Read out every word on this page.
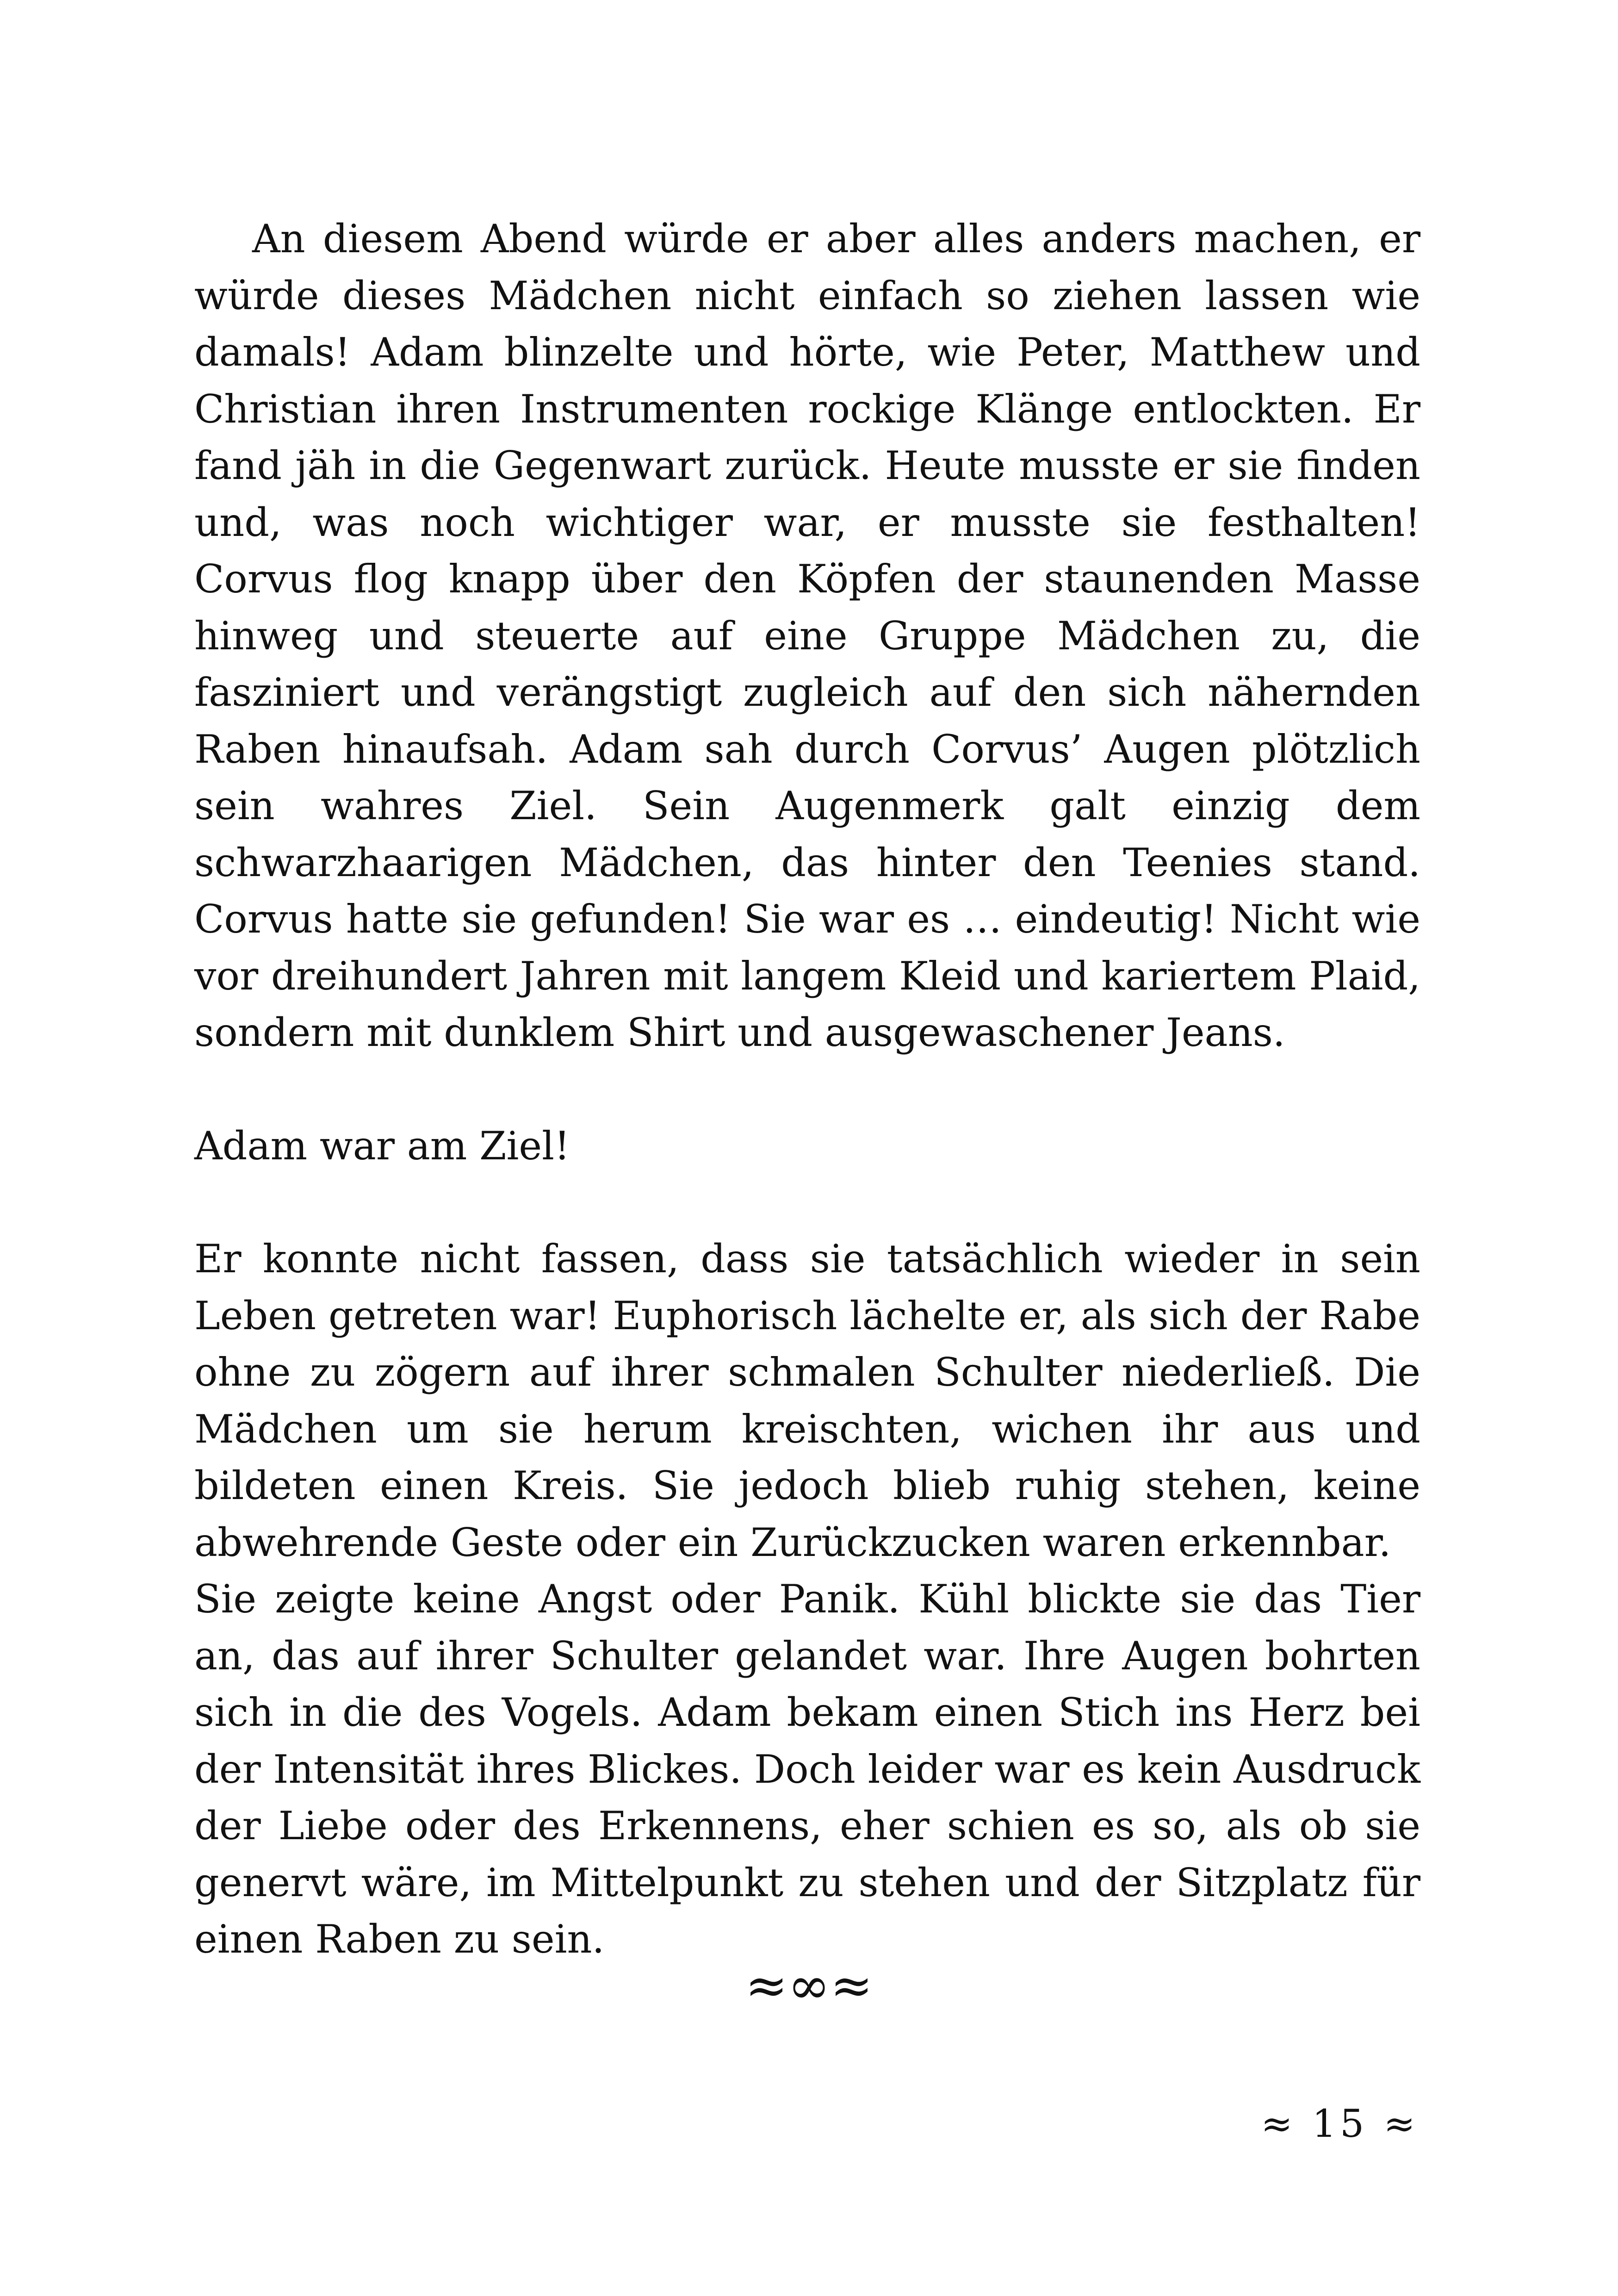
An diesem Abend würde er aber alles anders machen, er würde dieses Mädchen nicht einfach so ziehen lassen wie damals! Adam blinzelte und hörte, wie Peter, Matthew und Christian ihren Instrumenten rockige Klänge entlockten. Er fand jäh in die Gegenwart zurück. Heute musste er sie finden und, was noch wichtiger war, er musste sie festhalten! Corvus flog knapp über den Köpfen der staunenden Masse hinweg und steuerte auf eine Gruppe Mädchen zu, die fasziniert und verängstigt zugleich auf den sich nähernden Raben hinaufsah. Adam sah durch Corvus’ Augen plötzlich sein wahres Ziel. Sein Augenmerk galt einzig dem schwarzhaarigen Mädchen, das hinter den Teenies stand. Corvus hatte sie gefunden! Sie war es … eindeutig! Nicht wie vor dreihundert Jahren mit langem Kleid und kariertem Plaid, sondern mit dunklem Shirt und ausgewaschener Jeans.

Adam war am Ziel!

Er konnte nicht fassen, dass sie tatsächlich wieder in sein Leben getreten war! Euphorisch lächelte er, als sich der Rabe ohne zu zögern auf ihrer schmalen Schulter niederließ. Die Mädchen um sie herum kreischten, wichen ihr aus und bildeten einen Kreis. Sie jedoch blieb ruhig stehen, keine abwehrende Geste oder ein Zurückzucken waren erkennbar.

Sie zeigte keine Angst oder Panik. Kühl blickte sie das Tier an, das auf ihrer Schulter gelandet war. Ihre Augen bohrten sich in die des Vogels. Adam bekam einen Stich ins Herz bei der Intensität ihres Blickes. Doch leider war es kein Ausdruck der Liebe oder des Erkennens, eher schien es so, als ob sie genervt wäre, im Mittelpunkt zu stehen und der Sitzplatz für einen Raben zu sein.

≈∞≈
≈ 15 ≈
